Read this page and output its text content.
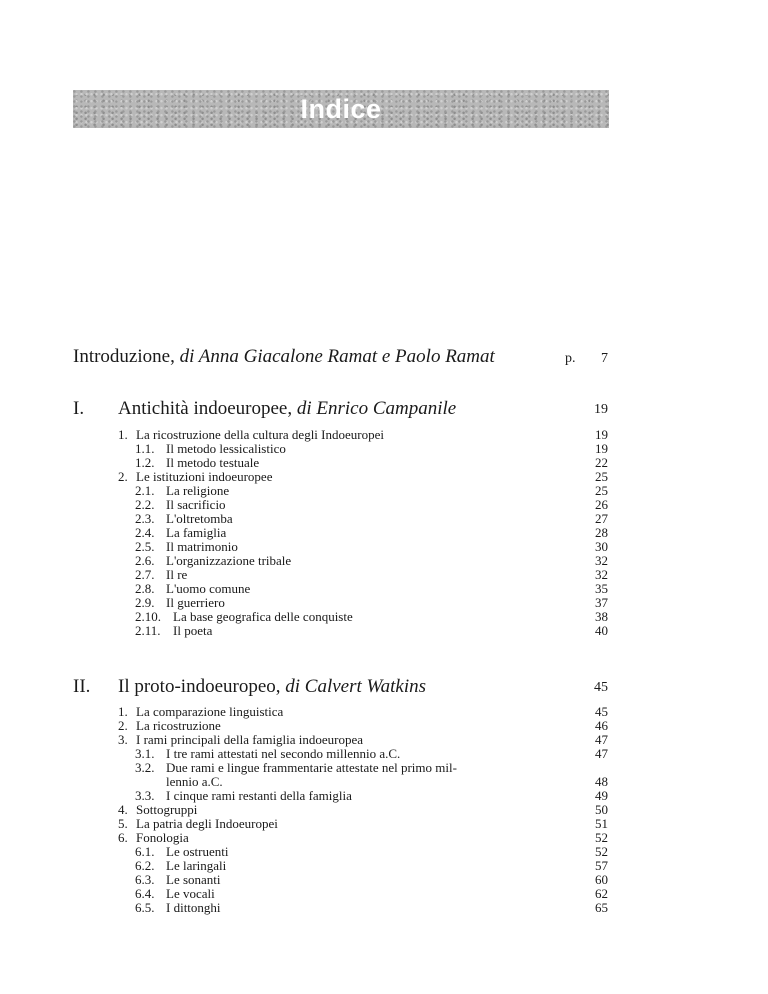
Indice
Introduzione, di Anna Giacalone Ramat e Paolo Ramat	p. 7
I. Antichità indoeuropee, di Enrico Campanile	19
1. La ricostruzione della cultura degli Indoeuropei	19
1.1. Il metodo lessicalistico	19
1.2. Il metodo testuale	22
2. Le istituzioni indoeuropee	25
2.1. La religione	25
2.2. Il sacrificio	26
2.3. L'oltretomba	27
2.4. La famiglia	28
2.5. Il matrimonio	30
2.6. L'organizzazione tribale	32
2.7. Il re	32
2.8. L'uomo comune	35
2.9. Il guerriero	37
2.10. La base geografica delle conquiste	38
2.11. Il poeta	40
II. Il proto-indoeuropeo, di Calvert Watkins	45
1. La comparazione linguistica	45
2. La ricostruzione	46
3. I rami principali della famiglia indoeuropea	47
3.1. I tre rami attestati nel secondo millennio a.C.	47
3.2. Due rami e lingue frammentarie attestate nel primo mil-
lennio a.C.	48
3.3. I cinque rami restanti della famiglia	49
4. Sottogruppi	50
5. La patria degli Indoeuropei	51
6. Fonologia	52
6.1. Le ostruenti	52
6.2. Le laringali	57
6.3. Le sonanti	60
6.4. Le vocali	62
6.5. I dittonghi	65
